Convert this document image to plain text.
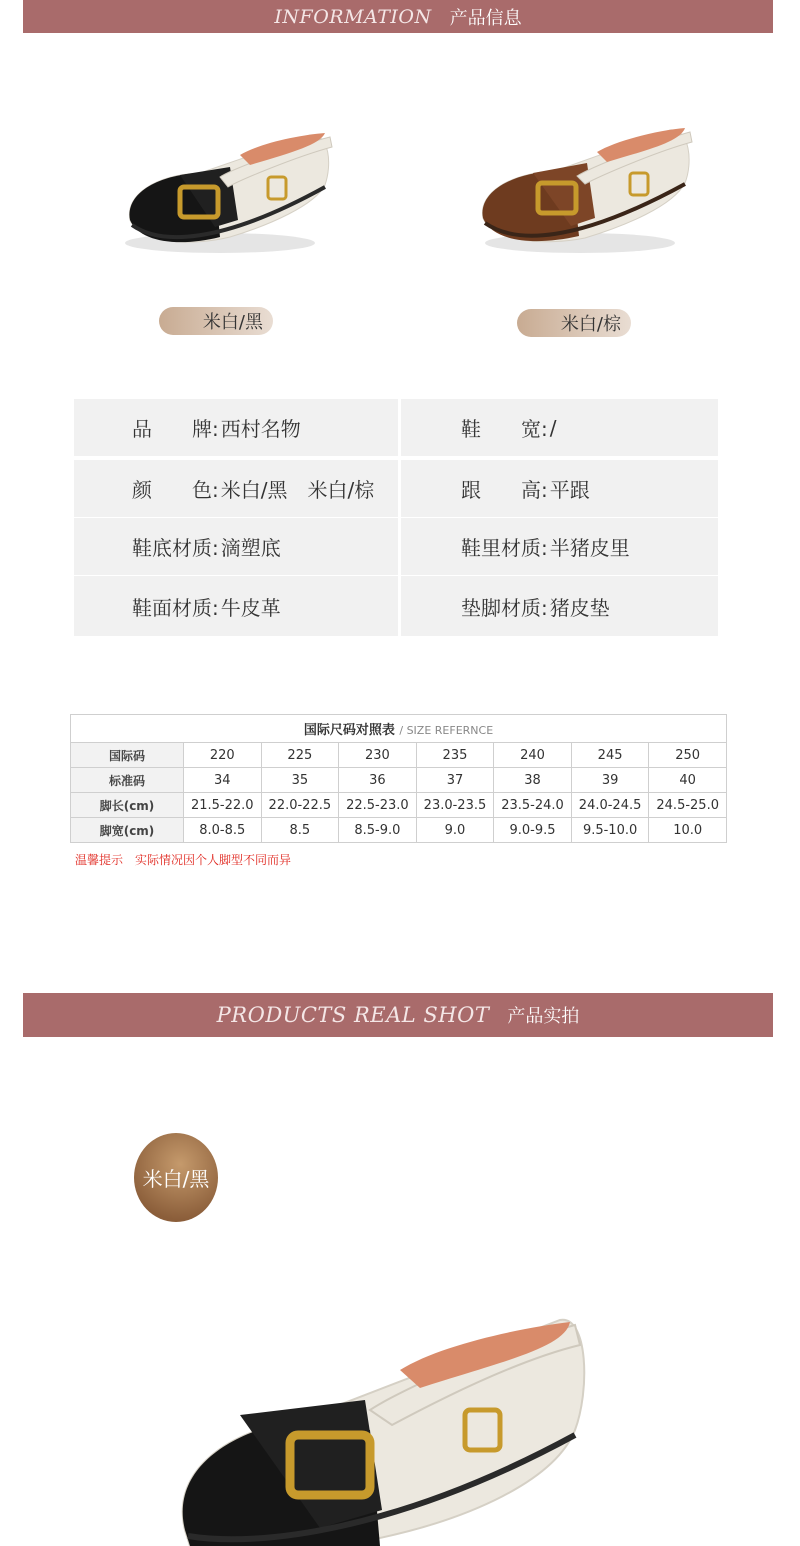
INFORMATION 产品信息
米白/黑	米白/棕
品　　牌: 西村名物	鞋　　宽: /
颜　　色: 米白/黑　米白/棕	跟　　高: 平跟
鞋底材质: 滴塑底	鞋里材质: 半猪皮里
鞋面材质: 牛皮革	垫脚材质: 猪皮垫
国际尺码对照表 / SIZE REFERNCE							
国际码	220	225	230	235	240	245	250
标准码	34	35	36	37	38	39	40
脚长(cm)	21.5-22.0	22.0-22.5	22.5-23.0	23.0-23.5	23.5-24.0	24.0-24.5	24.5-25.0
脚宽(cm)	8.0-8.5	8.5	8.5-9.0	9.0	9.0-9.5	9.5-10.0	10.0
温馨提示 实际情况因个人脚型不同而异
PRODUCTS REAL SHOT 产品实拍
米白/黑
